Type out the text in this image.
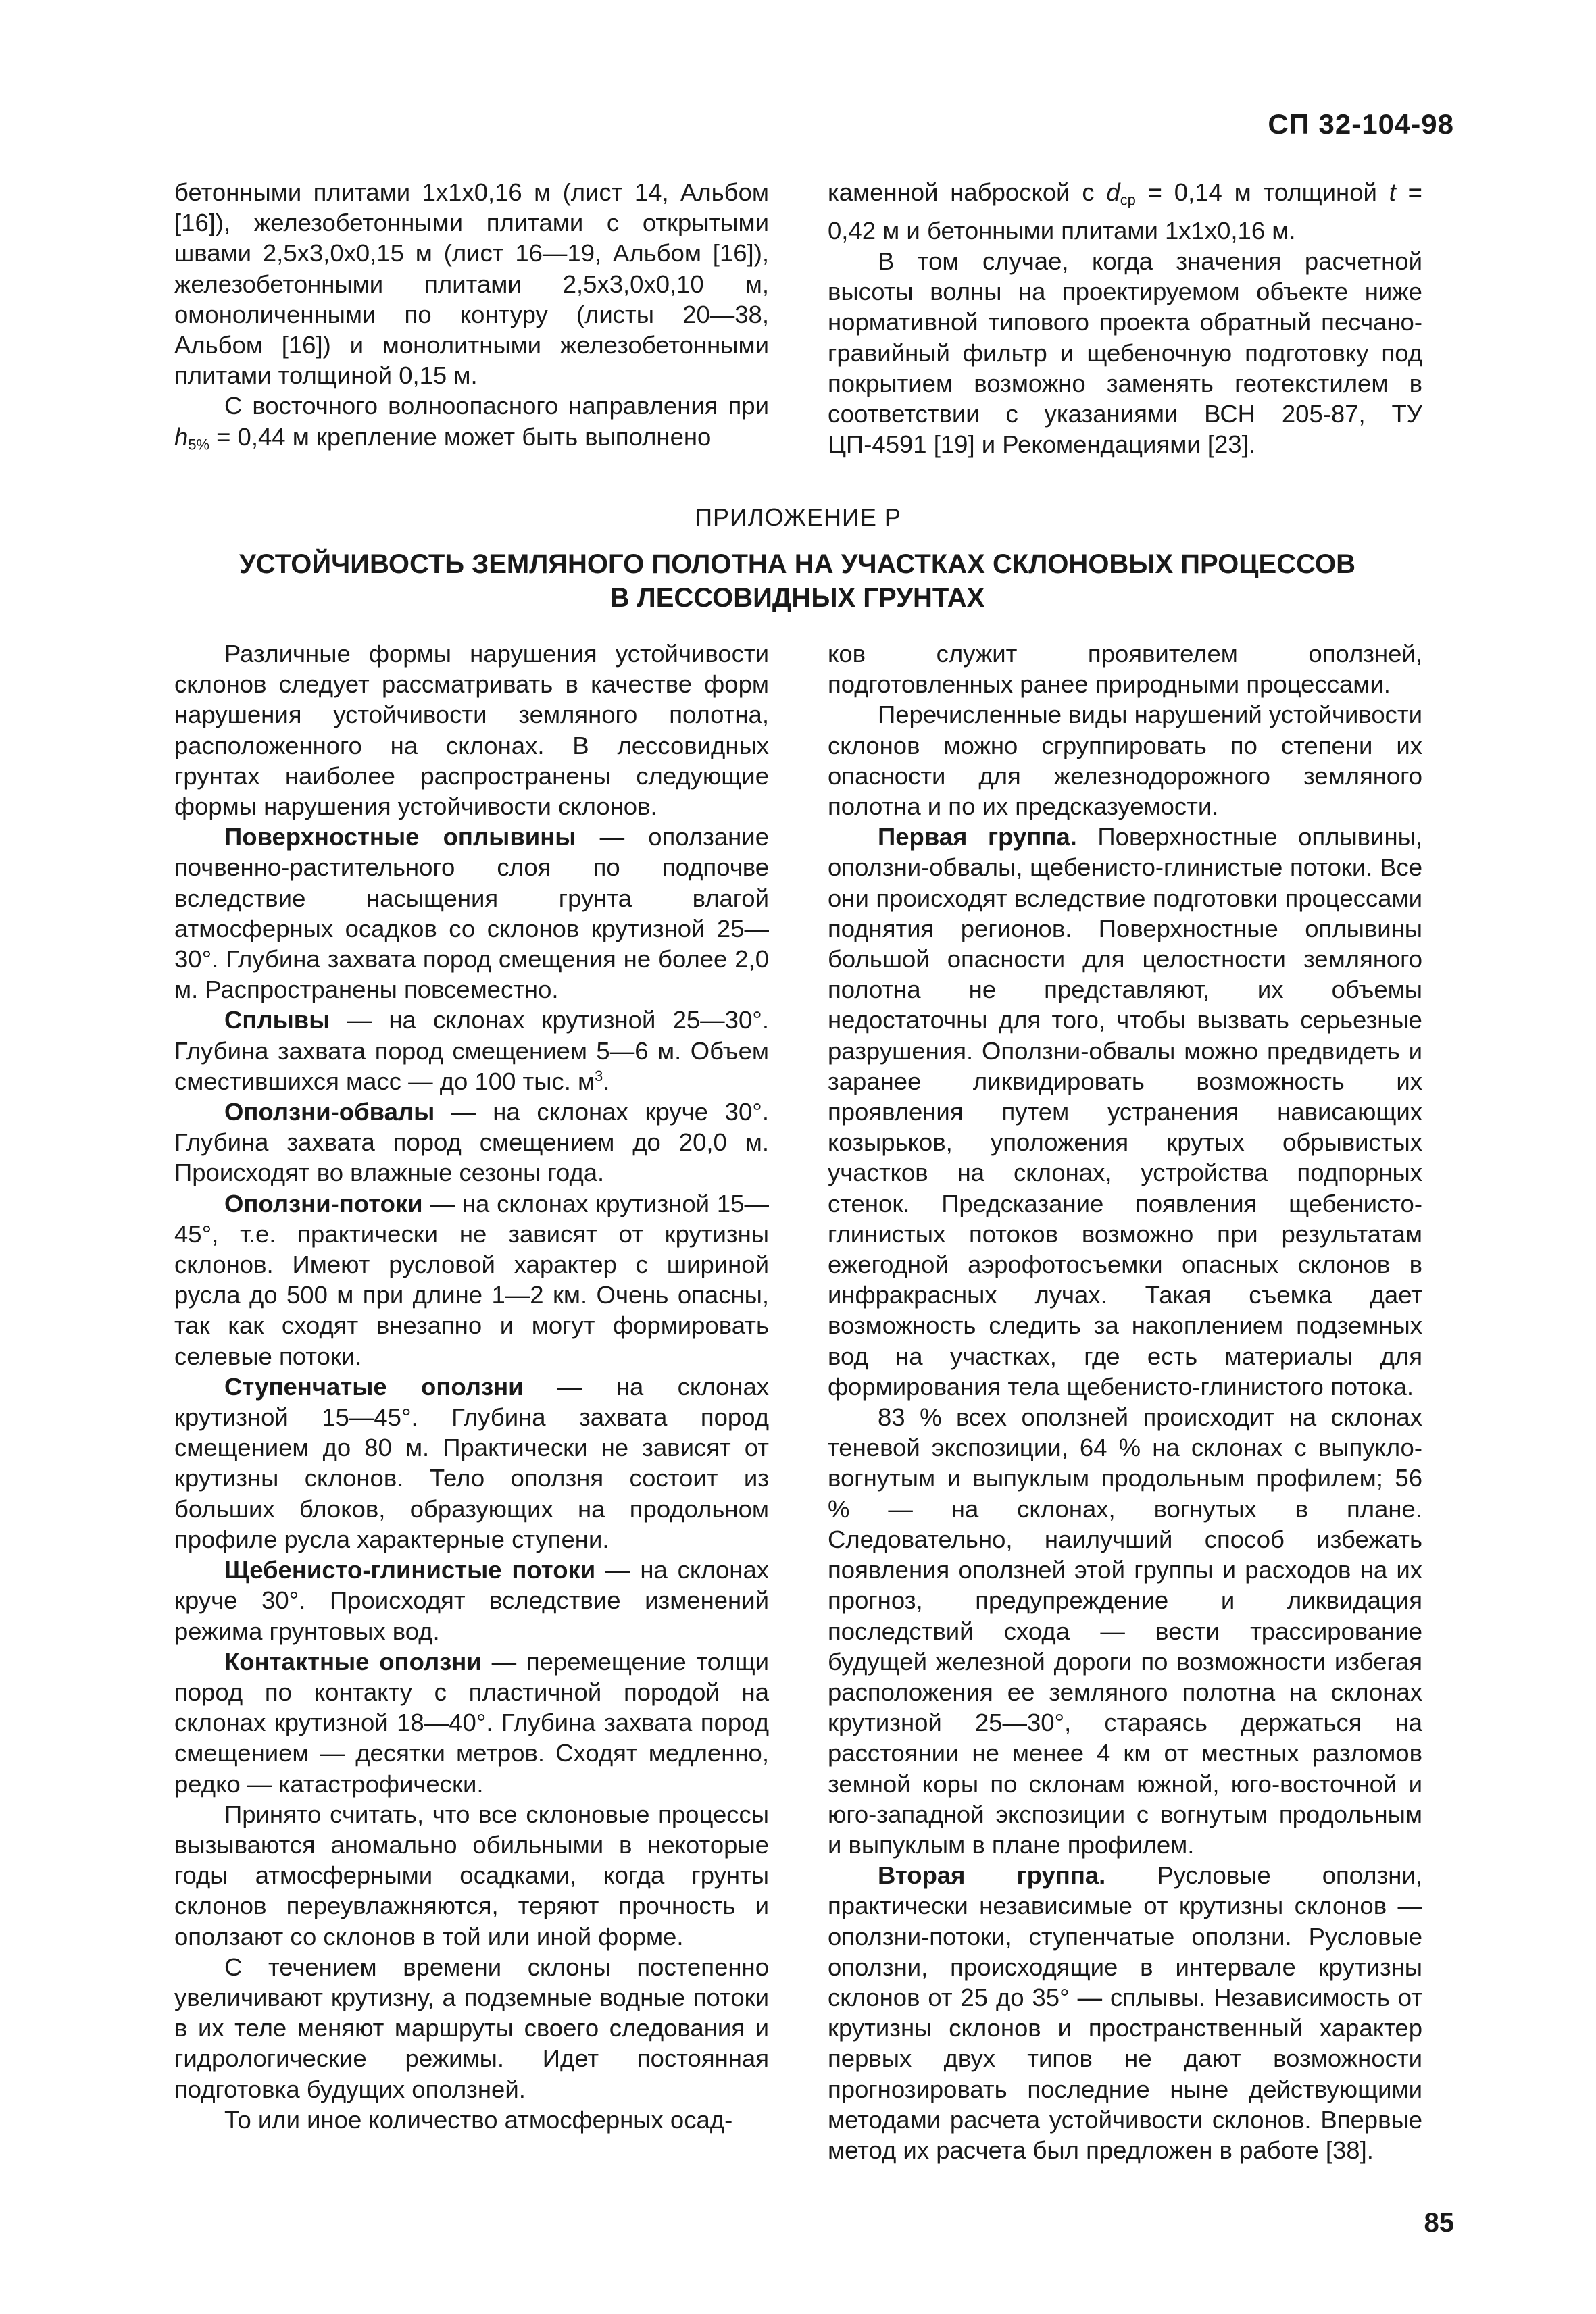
СП 32-104-98

бетонными плитами 1х1х0,16 м (лист 14, Альбом [16]), железобетонными плитами с открытыми швами 2,5х3,0х0,15 м (лист 16—19, Альбом [16]), железобетонными плитами 2,5х3,0х0,10 м, омоноличенными по контуру (листы 20—38, Альбом [16]) и монолитными железобетонными плитами толщиной 0,15 м.

С восточного волноопасного направления при $h_{5\%} = 0,44$ м крепление может быть выполнено

каменной наброской с $d_{ср} = 0,14$ м толщиной t = 0,42 м и бетонными плитами 1х1х0,16 м.

В том случае, когда значения расчетной высоты волны на проектируемом объекте ниже нормативной типового проекта обратный песчано-гравийный фильтр и щебеночную подготовку под покрытием возможно заменять геотекстилем в соответствии с указаниями ВСН 205-87, ТУ ЦП-4591 [19] и Рекомендациями [23].

ПРИЛОЖЕНИЕ Р
УСТОЙЧИВОСТЬ ЗЕМЛЯНОГО ПОЛОТНА НА УЧАСТКАХ СКЛОНОВЫХ ПРОЦЕССОВ
В ЛЕССОВИДНЫХ ГРУНТАХ

Различные формы нарушения устойчивости склонов следует рассматривать в качестве форм нарушения устойчивости земляного полотна, расположенного на склонах. В лессовидных грунтах наиболее распространены следующие формы нарушения устойчивости склонов.

Поверхностные оплывины — оползание почвенно-растительного слоя по подпочве вследствие насыщения грунта влагой атмосферных осадков со склонов крутизной 25—30°. Глубина захвата пород смещения не более 2,0 м. Распространены повсеместно.

Сплывы — на склонах крутизной 25—30°. Глубина захвата пород смещением 5—6 м. Объем сместившихся масс — до 100 тыс. $м^3$.

Оползни-обвалы — на склонах круче 30°. Глубина захвата пород смещением до 20,0 м. Происходят во влажные сезоны года.

Оползни-потоки — на склонах крутизной 15—45°, т.е. практически не зависят от крутизны склонов. Имеют русловой характер с шириной русла до 500 м при длине 1—2 км. Очень опасны, так как сходят внезапно и могут формировать селевые потоки.

Ступенчатые оползни — на склонах крутизной 15—45°. Глубина захвата пород смещением до 80 м. Практически не зависят от крутизны склонов. Тело оползня состоит из больших блоков, образующих на продольном профиле русла характерные ступени.

Щебенисто-глинистые потоки — на склонах круче 30°. Происходят вследствие изменений режима грунтовых вод.

Контактные оползни — перемещение толщи пород по контакту с пластичной породой на склонах крутизной 18—40°. Глубина захвата пород смещением — десятки метров. Сходят медленно, редко — катастрофически.

Принято считать, что все склоновые процессы вызываются аномально обильными в некоторые годы атмосферными осадками, когда грунты склонов переувлажняются, теряют прочность и оползают со склонов в той или иной форме.

С течением времени склоны постепенно увеличивают крутизну, а подземные водные потоки в их теле меняют маршруты своего следования и гидрологические режимы. Идет постоянная подготовка будущих оползней.

То или иное количество атмосферных осад-

ков служит проявителем оползней, подготовленных ранее природными процессами.

Перечисленные виды нарушений устойчивости склонов можно сгруппировать по степени их опасности для железнодорожного земляного полотна и по их предсказуемости.

Первая группа. Поверхностные оплывины, оползни-обвалы, щебенисто-глинистые потоки. Все они происходят вследствие подготовки процессами поднятия регионов. Поверхностные оплывины большой опасности для целостности земляного полотна не представляют, их объемы недостаточны для того, чтобы вызвать серьезные разрушения. Оползни-обвалы можно предвидеть и заранее ликвидировать возможность их проявления путем устранения нависающих козырьков, уположения крутых обрывистых участков на склонах, устройства подпорных стенок. Предсказание появления щебенисто-глинистых потоков возможно при результатам ежегодной аэрофотосъемки опасных склонов в инфракрасных лучах. Такая съемка дает возможность следить за накоплением подземных вод на участках, где есть материалы для формирования тела щебенисто-глинистого потока.

83 % всех оползней происходит на склонах теневой экспозиции, 64 % на склонах с выпукло-вогнутым и выпуклым продольным профилем; 56 % — на склонах, вогнутых в плане. Следовательно, наилучший способ избежать появления оползней этой группы и расходов на их прогноз, предупреждение и ликвидация последствий схода — вести трассирование будущей железной дороги по возможности избегая расположения ее земляного полотна на склонах крутизной 25—30°, стараясь держаться на расстоянии не менее 4 км от местных разломов земной коры по склонам южной, юго-восточной и юго-западной экспозиции с вогнутым продольным и выпуклым в плане профилем.

Вторая группа. Русловые оползни, практически независимые от крутизны склонов — оползни-потоки, ступенчатые оползни. Русловые оползни, происходящие в интервале крутизны склонов от 25 до 35° — сплывы. Независимость от крутизны склонов и пространственный характер первых двух типов не дают возможности прогнозировать последние ныне действующими методами расчета устойчивости склонов. Впервые метод их расчета был предложен в работе [38].

85
